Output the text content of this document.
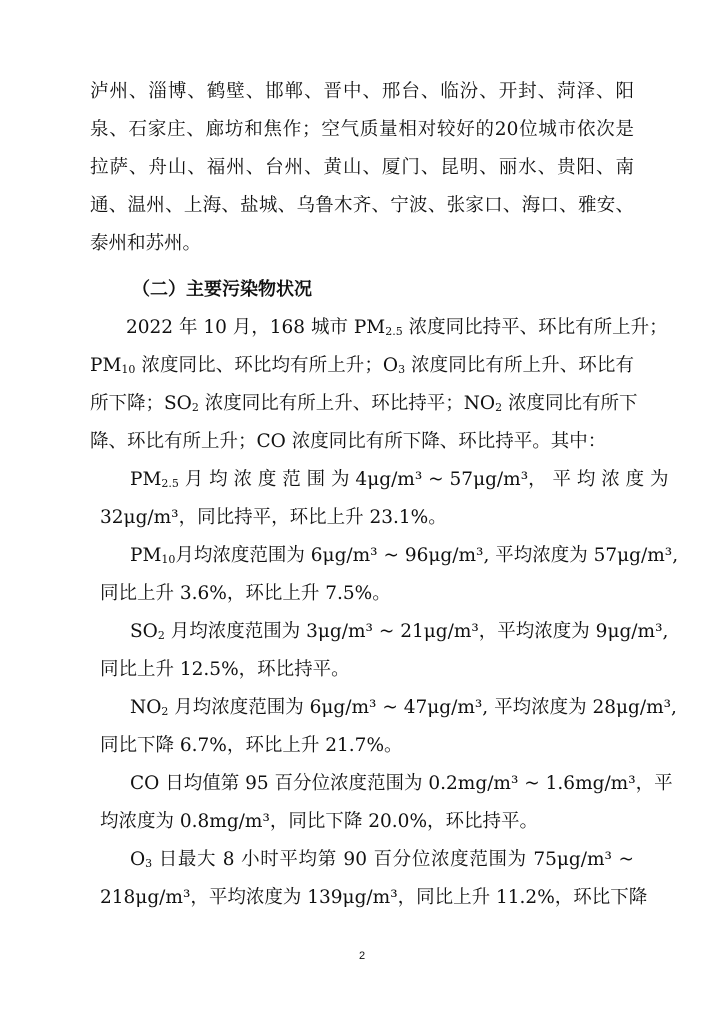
泸州、淄博、鹤壁、邯郸、晋中、邢台、临汾、开封、菏泽、阳
泉、石家庄、廊坊和焦作；空气质量相对较好的20位城市依次是
拉萨、舟山、福州、台州、黄山、厦门、昆明、丽水、贵阳、南
通、温州、上海、盐城、乌鲁木齐、宁波、张家口、海口、雅安、
泰州和苏州。
（二）主要污染物状况
2022 年 10 月，168 城市 PM2.5 浓度同比持平、环比有所上升；
PM10 浓度同比、环比均有所上升；O3 浓度同比有所上升、环比有
所下降；SO2 浓度同比有所上升、环比持平；NO2 浓度同比有所下
降、环比有所上升；CO 浓度同比有所下降、环比持平。其中：
PM2.5 月 均 浓 度 范 围 为 4μg/m³ ~ 57μg/m³， 平 均 浓 度 为
32μg/m³，同比持平，环比上升 23.1%。
PM10月均浓度范围为 6μg/m³ ~ 96μg/m³, 平均浓度为 57μg/m³,
同比上升 3.6%，环比上升 7.5%。
SO2 月均浓度范围为 3μg/m³ ~ 21μg/m³，平均浓度为 9μg/m³,
同比上升 12.5%，环比持平。
NO2 月均浓度范围为 6μg/m³ ~ 47μg/m³, 平均浓度为 28μg/m³,
同比下降 6.7%，环比上升 21.7%。
CO 日均值第 95 百分位浓度范围为 0.2mg/m³ ~ 1.6mg/m³，平
均浓度为 0.8mg/m³，同比下降 20.0%，环比持平。
O3 日最大 8 小时平均第 90 百分位浓度范围为 75μg/m³ ~
218μg/m³，平均浓度为 139μg/m³，同比上升 11.2%，环比下降
2
